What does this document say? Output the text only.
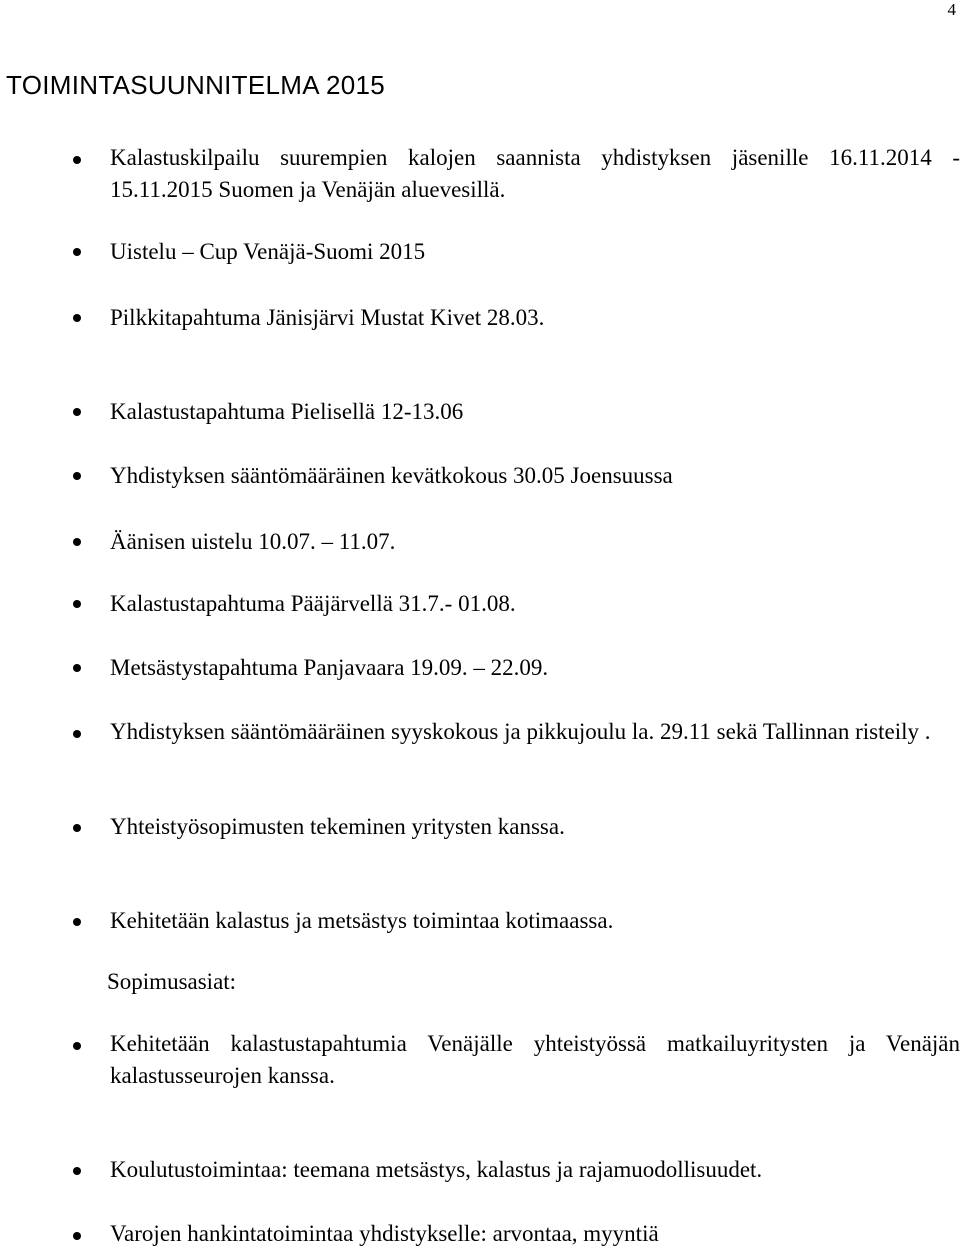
4
TOIMINTASUUNNITELMA 2015
Kalastuskilpailu suurempien kalojen saannista yhdistyksen jäsenille 16.11.2014 - 15.11.2015 Suomen ja Venäjän aluevesillä.
Uistelu – Cup Venäjä-Suomi 2015
Pilkkitapahtuma Jänisjärvi Mustat Kivet 28.03.
Kalastustapahtuma Pielisellä 12-13.06
Yhdistyksen sääntömääräinen kevätkokous 30.05 Joensuussa
Äänisen uistelu 10.07. – 11.07.
Kalastustapahtuma Pääjärvellä 31.7.- 01.08.
Metsästystapahtuma Panjavaara 19.09. – 22.09.
Yhdistyksen sääntömääräinen syyskokous ja pikkujoulu la. 29.11 sekä Tallinnan risteily .
Yhteistyösopimusten tekeminen yritysten kanssa.
Kehitetään kalastus ja metsästys toimintaa kotimaassa.
Sopimusasiat:
Kehitetään kalastustapahtumia Venäjälle yhteistyössä matkailuyritysten ja Venäjän kalastusseurojen kanssa.
Koulutustoimintaa: teemana metsästys, kalastus ja rajamuodollisuudet.
Varojen hankintatoimintaa yhdistykselle: arvontaa, myyntiä
